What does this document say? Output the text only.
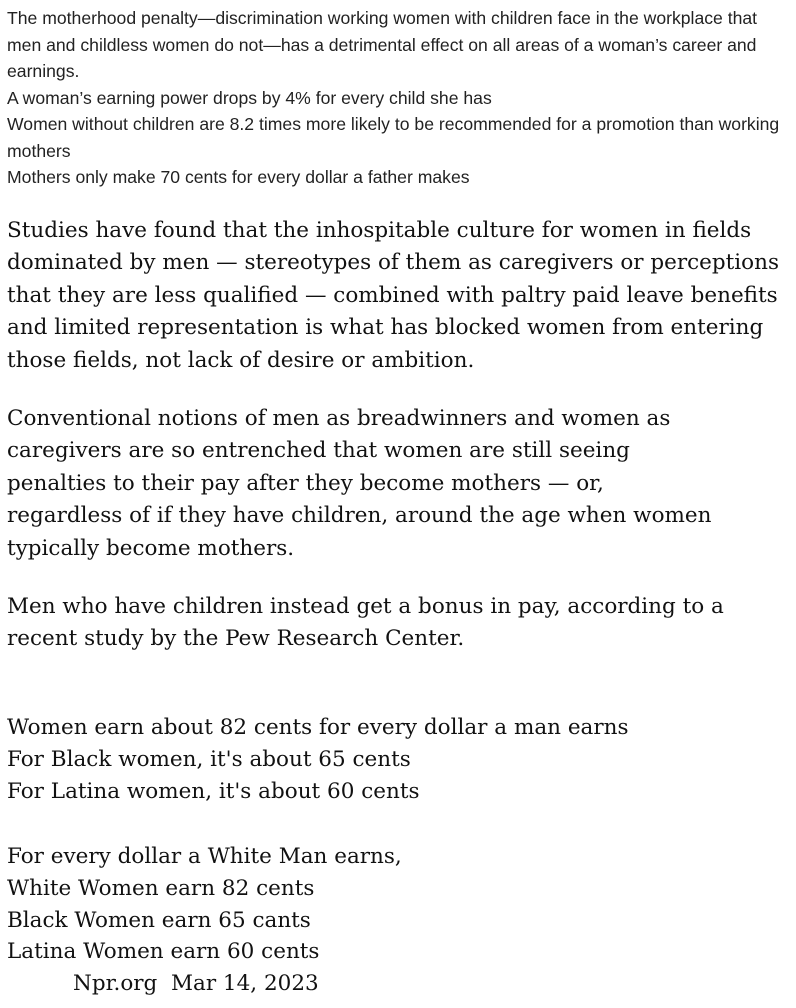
The motherhood penalty—discrimination working women with children face in the workplace that men and childless women do not—has a detrimental effect on all areas of a woman’s career and earnings.

A woman’s earning power drops by 4% for every child she has

Women without children are 8.2 times more likely to be recommended for a promotion than working mothers

Mothers only make 70 cents for every dollar a father makes

Studies have found that the inhospitable culture for women in fields dominated by men — stereotypes of them as caregivers or perceptions that they are less qualified — combined with paltry paid leave benefits and limited representation is what has blocked women from entering those fields, not lack of desire or ambition.

Conventional notions of men as breadwinners and women as caregivers are so entrenched that women are still seeing penalties to their pay after they become mothers — or, regardless of if they have children, around the age when women typically become mothers.

Men who have children instead get a bonus in pay, according to a recent study by the Pew Research Center.

Women earn about 82 cents for every dollar a man earns
For Black women, it's about 65 cents
For Latina women, it's about 60 cents
For every dollar a White Man earns,
White Women earn 82 cents
Black Women earn 65 cants
Latina Women earn 60 cents
Npr.org Mar 14, 2023
